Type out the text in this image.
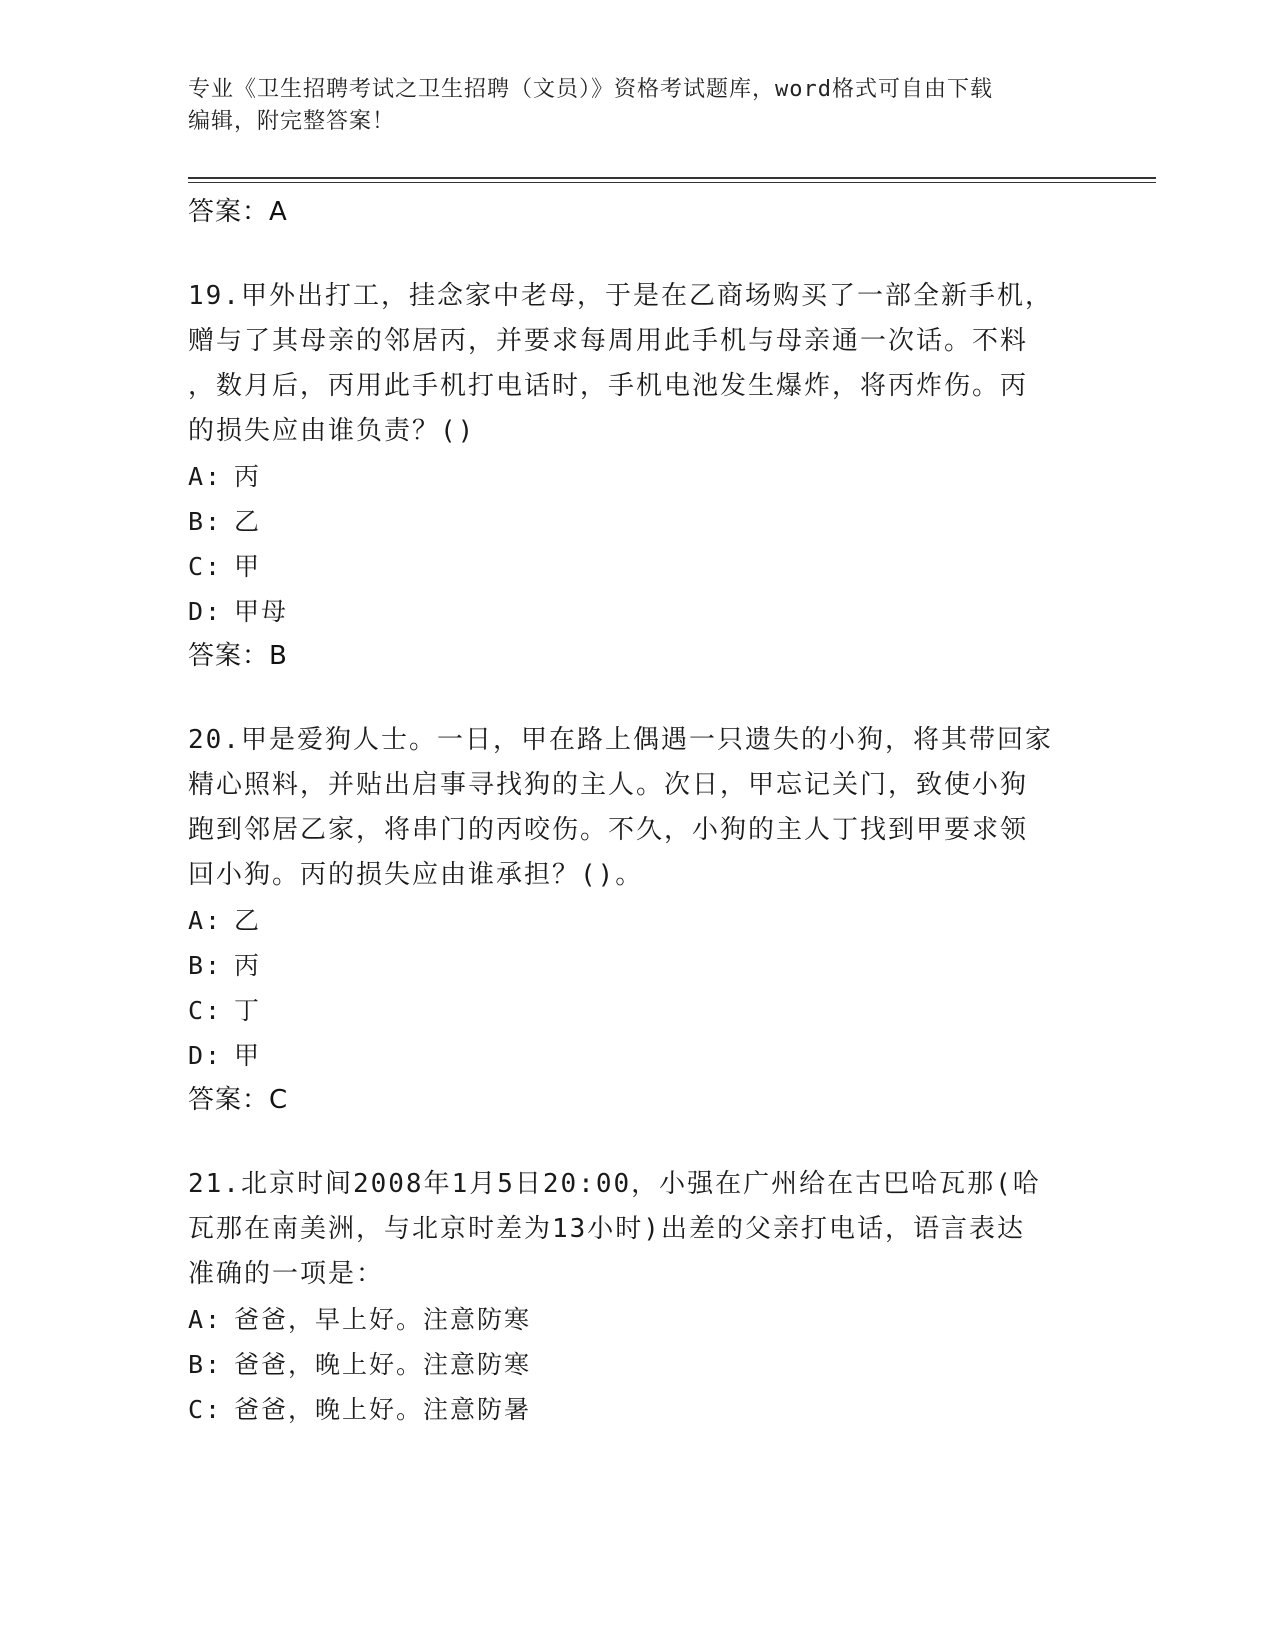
专业《卫生招聘考试之卫生招聘（文员）》资格考试题库，word格式可自由下载
编辑，附完整答案！
答案：A

19.甲外出打工，挂念家中老母，于是在乙商场购买了一部全新手机，

赠与了其母亲的邻居丙，并要求每周用此手机与母亲通一次话。不料

，数月后，丙用此手机打电话时，手机电池发生爆炸，将丙炸伤。丙

的损失应由谁负责？()

A: 丙
B: 乙
C: 甲
D: 甲母
答案：B

20.甲是爱狗人士。一日，甲在路上偶遇一只遗失的小狗，将其带回家

精心照料，并贴出启事寻找狗的主人。次日，甲忘记关门，致使小狗

跑到邻居乙家，将串门的丙咬伤。不久，小狗的主人丁找到甲要求领

回小狗。丙的损失应由谁承担？()。

A: 乙
B: 丙
C: 丁
D: 甲
答案：C

21.北京时间2008年1月5日20:00，小强在广州给在古巴哈瓦那(哈

瓦那在南美洲，与北京时差为13小时)出差的父亲打电话，语言表达

准确的一项是：

A: 爸爸，早上好。注意防寒
B: 爸爸，晚上好。注意防寒
C: 爸爸，晚上好。注意防暑
